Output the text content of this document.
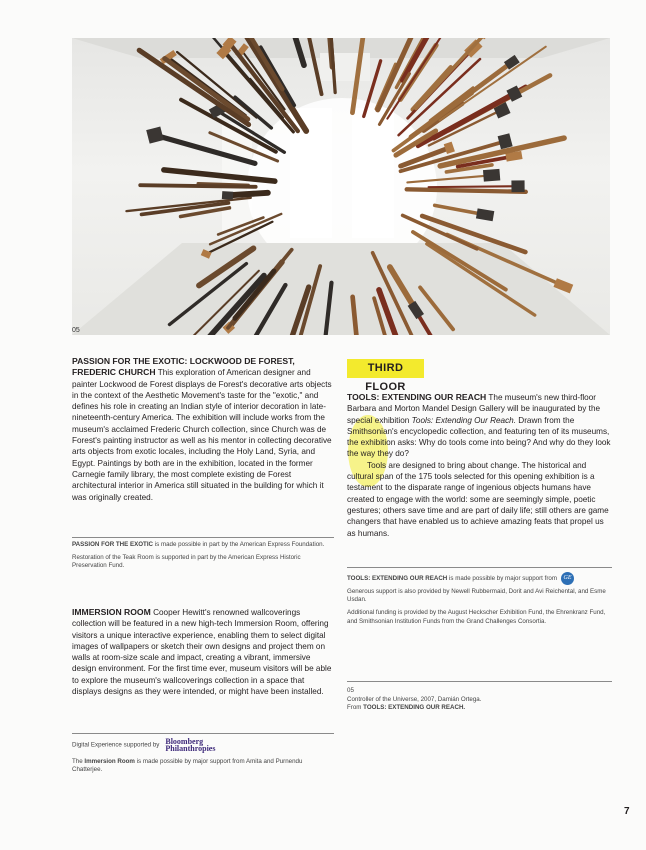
05

PASSION FOR THE EXOTIC: LOCKWOOD DE FOREST, FREDERIC CHURCH This exploration of American designer and painter Lockwood de Forest displays de Forest's decorative arts objects in the context of the Aesthetic Movement's taste for the "exotic," and defines his role in creating an Indian style of interior decoration in late-nineteenth-century America. The exhibition will include works from the museum's acclaimed Frederic Church collection, since Church was de Forest's painting instructor as well as his mentor in collecting decorative arts objects from exotic locales, including the Holy Land, Syria, and Egypt. Paintings by both are in the exhibition, located in the former Carnegie family library, the most complete existing de Forest architectural interior in America still situated in the building for which it was originally created.

PASSION FOR THE EXOTIC is made possible in part by the American Express Foundation.

Restoration of the Teak Room is supported in part by the American Express Historic Preservation Fund.

IMMERSION ROOM Cooper Hewitt's renowned wallcoverings collection will be featured in a new high-tech Immersion Room, offering visitors a unique interactive experience, enabling them to select digital images of wallpapers or sketch their own designs and project them on walls at room-size scale and impact, creating a vibrant, immersive design environment. For the first time ever, museum visitors will be able to explore the museum's wallcoverings collection in a space that displays designs as they were intended, or might have been installed.

Digital Experience supported by Bloomberg
Philanthropies

The Immersion Room is made possible by major support from Amita and Purnendu Chatterjee.

THIRD FLOOR

TOOLS: EXTENDING OUR REACH The museum's new third-floor Barbara and Morton Mandel Design Gallery will be inaugurated by the special exhibition Tools: Extending Our Reach. Drawn from the Smithsonian's encyclopedic collection, and featuring ten of its museums, the exhibition asks: Why do tools come into being? And why do they look the way they do?

Tools are designed to bring about change. The historical and cultural span of the 175 tools selected for this opening exhibition is a testament to the disparate range of ingenious objects humans have created to engage with the world: some are seemingly simple, poetic gestures; others save time and are part of daily life; still others are game changers that have enabled us to achieve amazing feats that propel us as humans.

TOOLS: EXTENDING OUR REACH is made possible by major support from GE

Generous support is also provided by Newell Rubbermaid, Dorit and Avi Reichental, and Esme Usdan.

Additional funding is provided by the August Heckscher Exhibition Fund, the Ehrenkranz Fund, and Smithsonian Institution Funds from the Grand Challenges Consortia.

05

Controller of the Universe, 2007, Damián Ortega.

From TOOLS: EXTENDING OUR REACH.

7
